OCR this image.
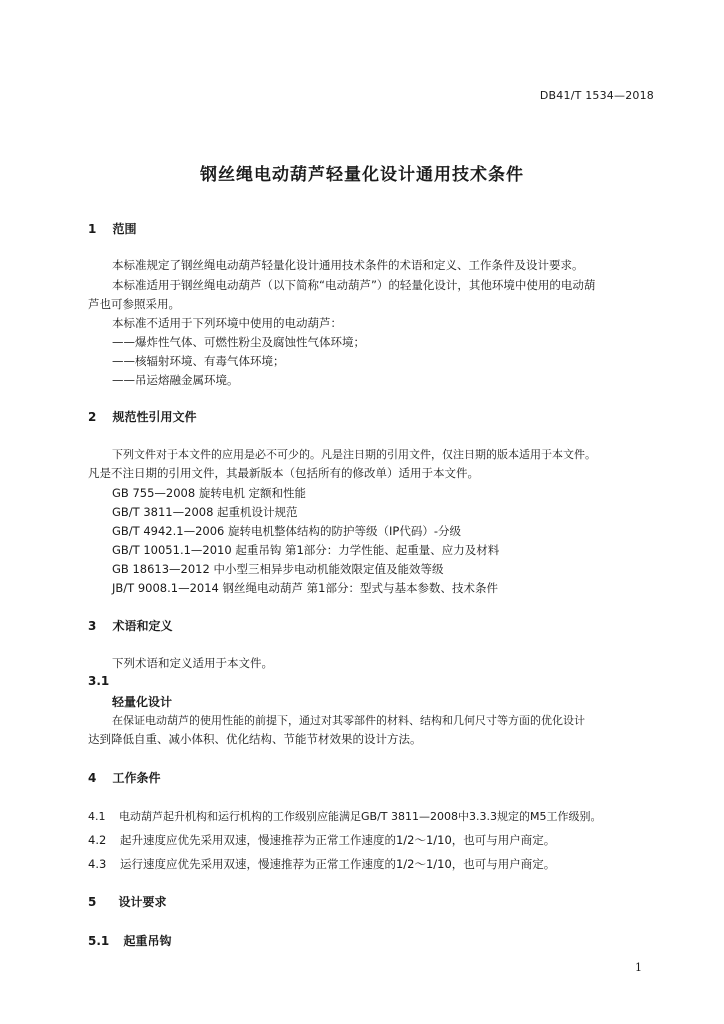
DB41/T 1534—2018
钢丝绳电动葫芦轻量化设计通用技术条件
1 范围
本标准规定了钢丝绳电动葫芦轻量化设计通用技术条件的术语和定义、工作条件及设计要求。
本标准适用于钢丝绳电动葫芦（以下简称“电动葫芦”）的轻量化设计，其他环境中使用的电动葫
芦也可参照采用。
本标准不适用于下列环境中使用的电动葫芦：
——爆炸性气体、可燃性粉尘及腐蚀性气体环境；
——核辐射环境、有毒气体环境；
——吊运熔融金属环境。
2 规范性引用文件
下列文件对于本文件的应用是必不可少的。凡是注日期的引用文件，仅注日期的版本适用于本文件。
凡是不注日期的引用文件，其最新版本（包括所有的修改单）适用于本文件。
GB 755—2008 旋转电机 定额和性能
GB/T 3811—2008 起重机设计规范
GB/T 4942.1—2006 旋转电机整体结构的防护等级（IP代码）-分级
GB/T 10051.1—2010 起重吊钩 第1部分：力学性能、起重量、应力及材料
GB 18613—2012 中小型三相异步电动机能效限定值及能效等级
JB/T 9008.1—2014 钢丝绳电动葫芦 第1部分：型式与基本参数、技术条件
3 术语和定义
下列术语和定义适用于本文件。
3.1
轻量化设计
在保证电动葫芦的使用性能的前提下，通过对其零部件的材料、结构和几何尺寸等方面的优化设计
达到降低自重、减小体积、优化结构、节能节材效果的设计方法。
4 工作条件
4.1 电动葫芦起升机构和运行机构的工作级别应能满足GB/T 3811—2008中3.3.3规定的M5工作级别。
4.2 起升速度应优先采用双速，慢速推荐为正常工作速度的1/2～1/10，也可与用户商定。
4.3 运行速度应优先采用双速，慢速推荐为正常工作速度的1/2～1/10，也可与用户商定。
5 设计要求
5.1 起重吊钩
1
